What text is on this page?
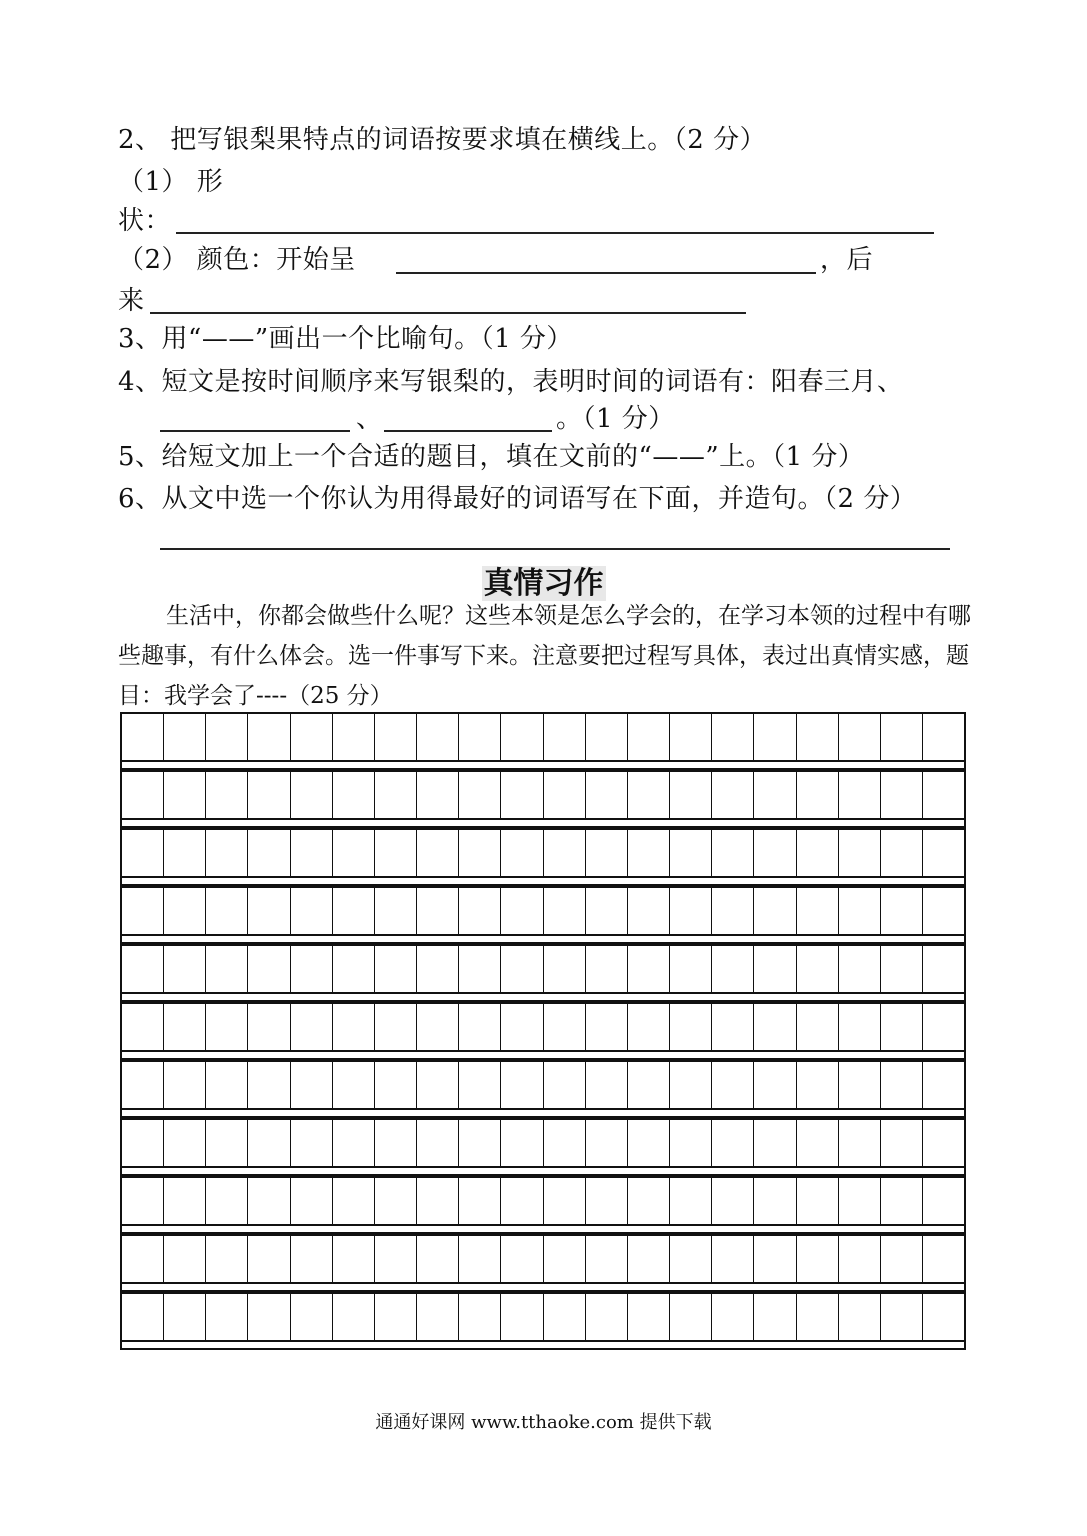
2、 把写银梨果特点的词语按要求填在横线上。（2 分）
（1） 形
状：
（2） 颜色：开始呈	，后
来
3、用“——”画出一个比喻句。（1 分）
4、短文是按时间顺序来写银梨的，表明时间的词语有：阳春三月、
、	。（1 分）
5、给短文加上一个合适的题目，填在文前的“——”上。（1 分）
6、从文中选一个你认为用得最好的词语写在下面，并造句。（2 分）
真情习作
生活中，你都会做些什么呢？这些本领是怎么学会的，在学习本领的过程中有哪些趣事，有什么体会。选一件事写下来。注意要把过程写具体，表过出真情实感，题目：我学会了----（25 分）
通通好课网 www.tthaoke.com 提供下载
